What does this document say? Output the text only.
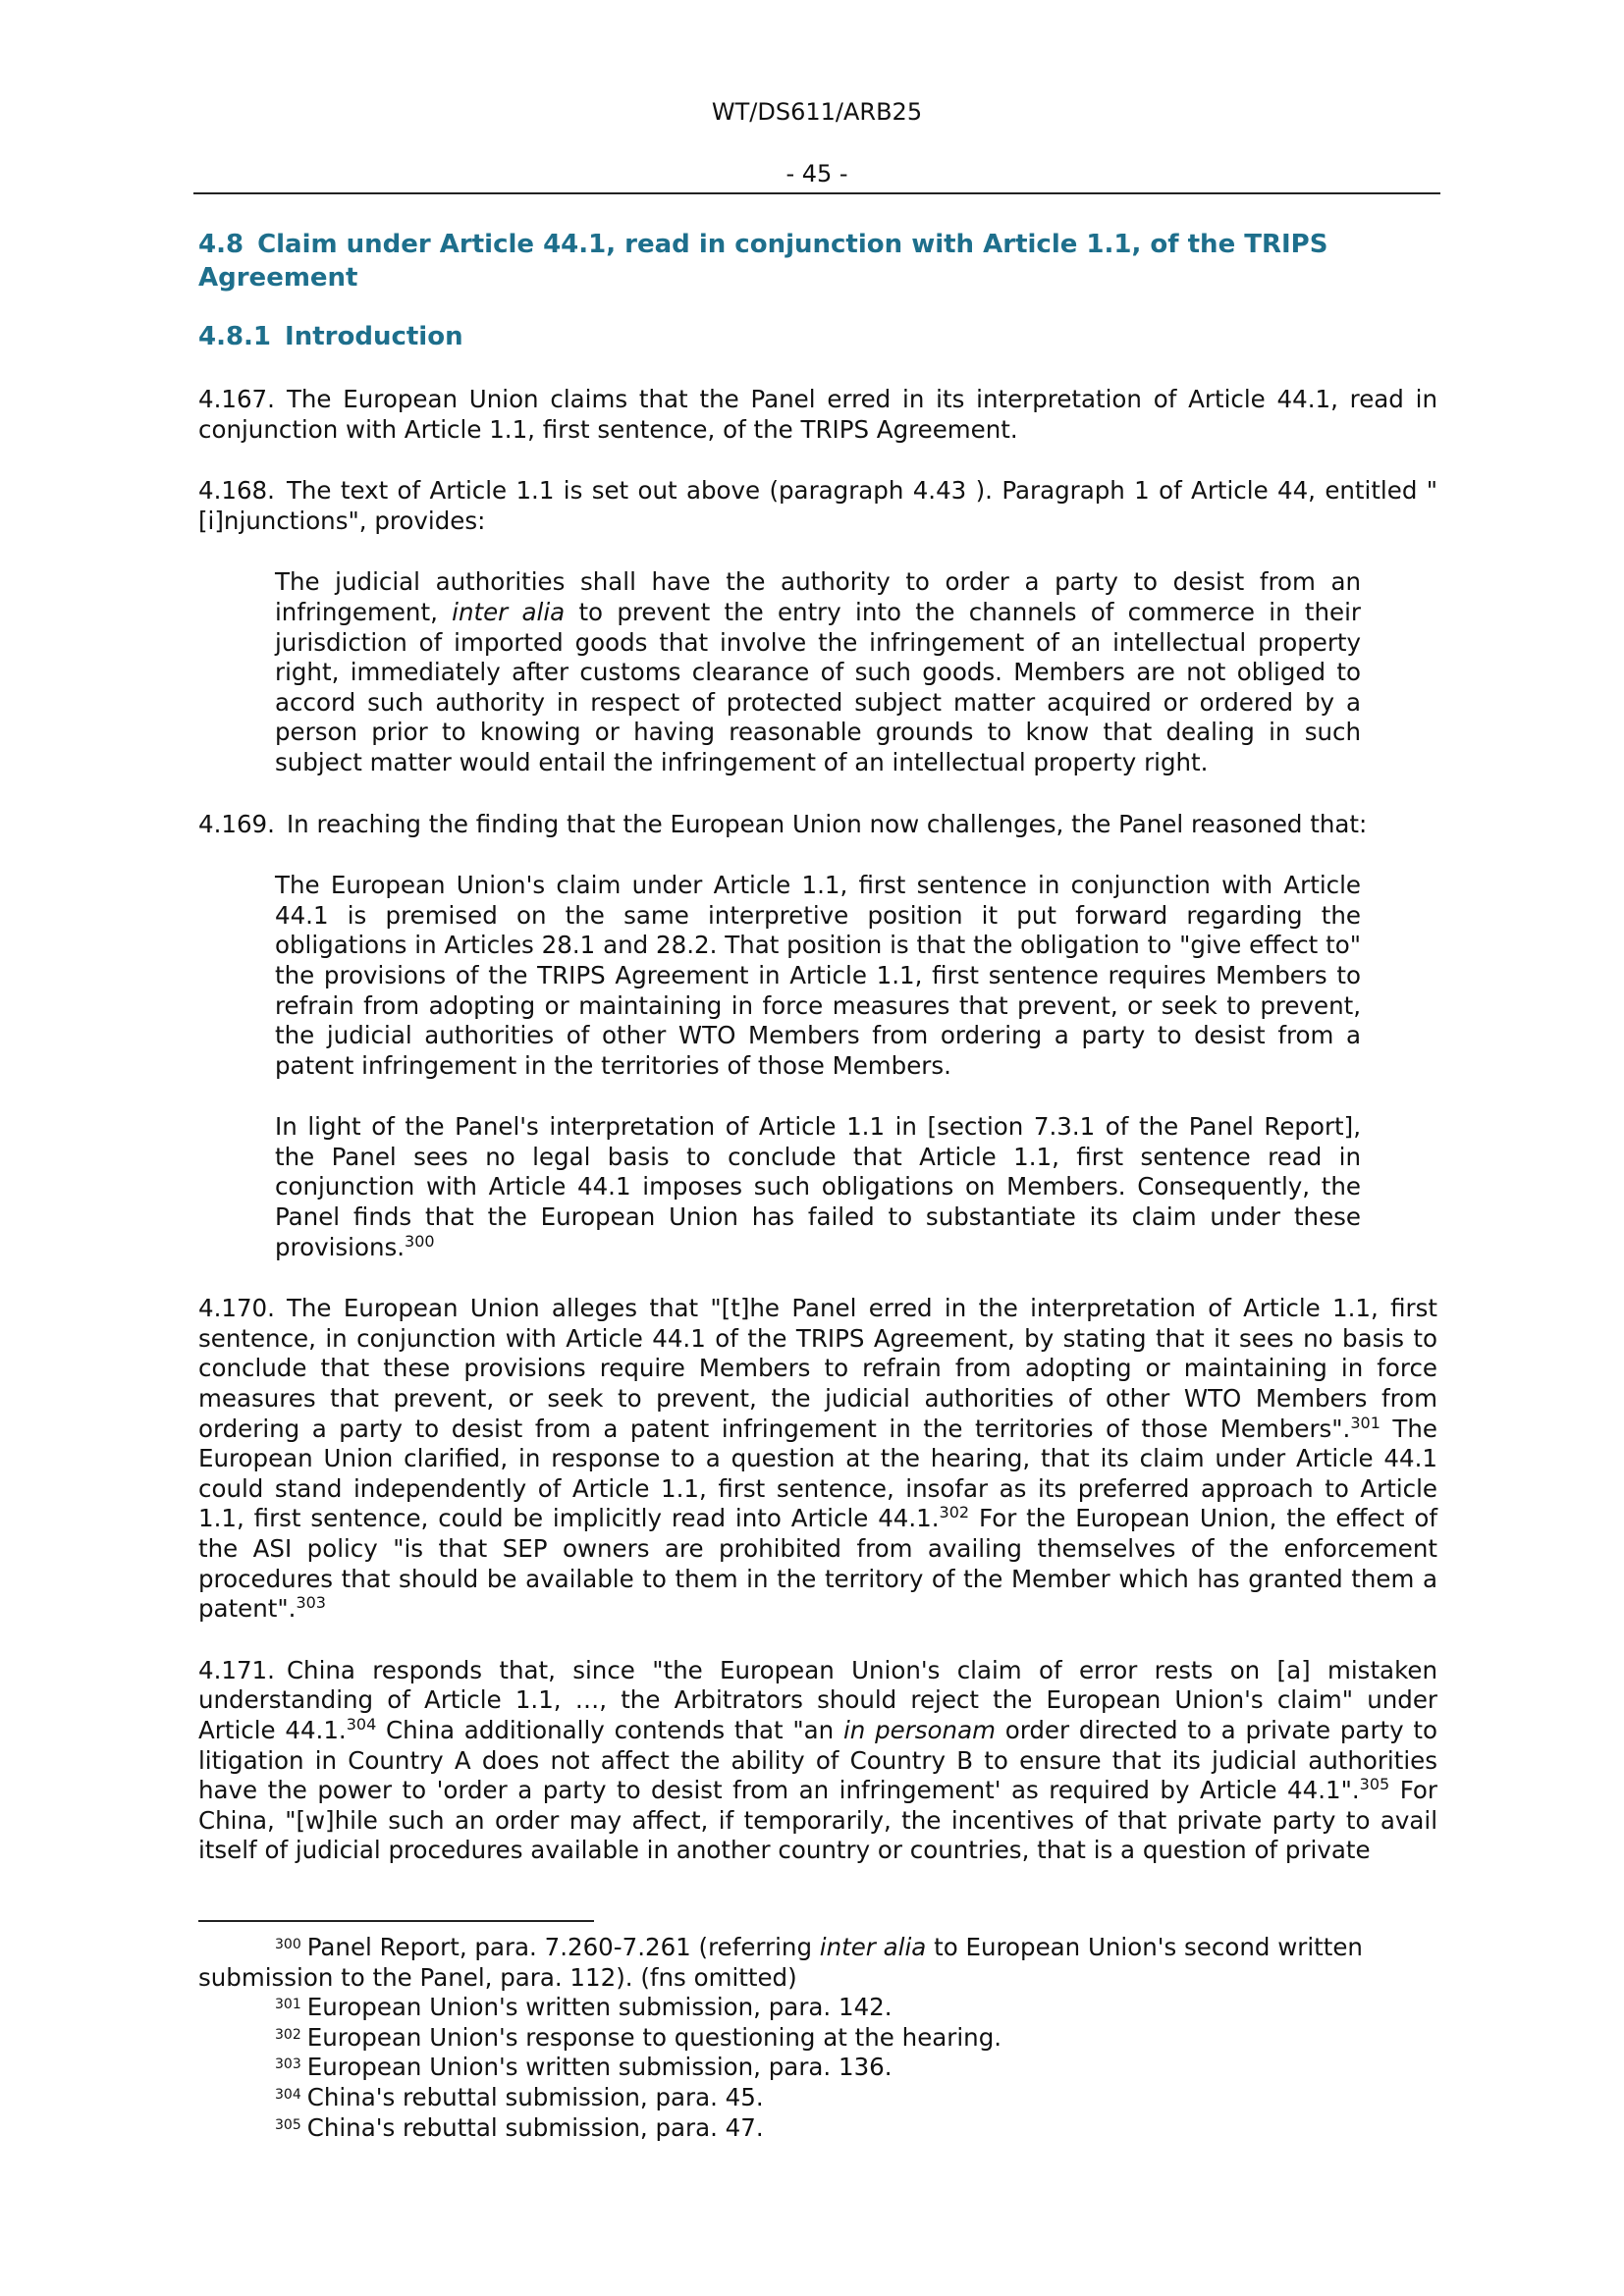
WT/DS611/ARB25
- 45 -
4.8 Claim under Article 44.1, read in conjunction with Article 1.1, of the TRIPS Agreement
4.8.1 Introduction

4.167. The European Union claims that the Panel erred in its interpretation of Article 44.1, read in conjunction with Article 1.1, first sentence, of the TRIPS Agreement.

4.168. The text of Article 1.1 is set out above (paragraph 4.43 ). Paragraph 1 of Article 44, entitled "[i]njunctions", provides:

The judicial authorities shall have the authority to order a party to desist from an infringement, inter alia to prevent the entry into the channels of commerce in their jurisdiction of imported goods that involve the infringement of an intellectual property right, immediately after customs clearance of such goods. Members are not obliged to accord such authority in respect of protected subject matter acquired or ordered by a person prior to knowing or having reasonable grounds to know that dealing in such subject matter would entail the infringement of an intellectual property right.

4.169. In reaching the finding that the European Union now challenges, the Panel reasoned that:

The European Union's claim under Article 1.1, first sentence in conjunction with Article 44.1 is premised on the same interpretive position it put forward regarding the obligations in Articles 28.1 and 28.2. That position is that the obligation to "give effect to" the provisions of the TRIPS Agreement in Article 1.1, first sentence requires Members to refrain from adopting or maintaining in force measures that prevent, or seek to prevent, the judicial authorities of other WTO Members from ordering a party to desist from a patent infringement in the territories of those Members.

In light of the Panel's interpretation of Article 1.1 in [section 7.3.1 of the Panel Report], the Panel sees no legal basis to conclude that Article 1.1, first sentence read in conjunction with Article 44.1 imposes such obligations on Members. Consequently, the Panel finds that the European Union has failed to substantiate its claim under these provisions.$^{300}$

4.170. The European Union alleges that "[t]he Panel erred in the interpretation of Article 1.1, first sentence, in conjunction with Article 44.1 of the TRIPS Agreement, by stating that it sees no basis to conclude that these provisions require Members to refrain from adopting or maintaining in force measures that prevent, or seek to prevent, the judicial authorities of other WTO Members from ordering a party to desist from a patent infringement in the territories of those Members".$^{301}$ The European Union clarified, in response to a question at the hearing, that its claim under Article 44.1 could stand independently of Article 1.1, first sentence, insofar as its preferred approach to Article 1.1, first sentence, could be implicitly read into Article 44.1.$^{302}$ For the European Union, the effect of the ASI policy "is that SEP owners are prohibited from availing themselves of the enforcement procedures that should be available to them in the territory of the Member which has granted them a patent".$^{303}$

4.171. China responds that, since "the European Union's claim of error rests on [a] mistaken understanding of Article 1.1, …, the Arbitrators should reject the European Union's claim" under Article 44.1.$^{304}$ China additionally contends that "an in personam order directed to a private party to litigation in Country A does not affect the ability of Country B to ensure that its judicial authorities have the power to 'order a party to desist from an infringement' as required by Article 44.1".$^{305}$ For China, "[w]hile such an order may affect, if temporarily, the incentives of that private party to avail itself of judicial procedures available in another country or countries, that is a question of private

$^{300}$ Panel Report, para. 7.260-7.261 (referring inter alia to European Union's second written submission to the Panel, para. 112). (fns omitted)

$^{301}$ European Union's written submission, para. 142.

$^{302}$ European Union's response to questioning at the hearing.

$^{303}$ European Union's written submission, para. 136.

$^{304}$ China's rebuttal submission, para. 45.

$^{305}$ China's rebuttal submission, para. 47.
